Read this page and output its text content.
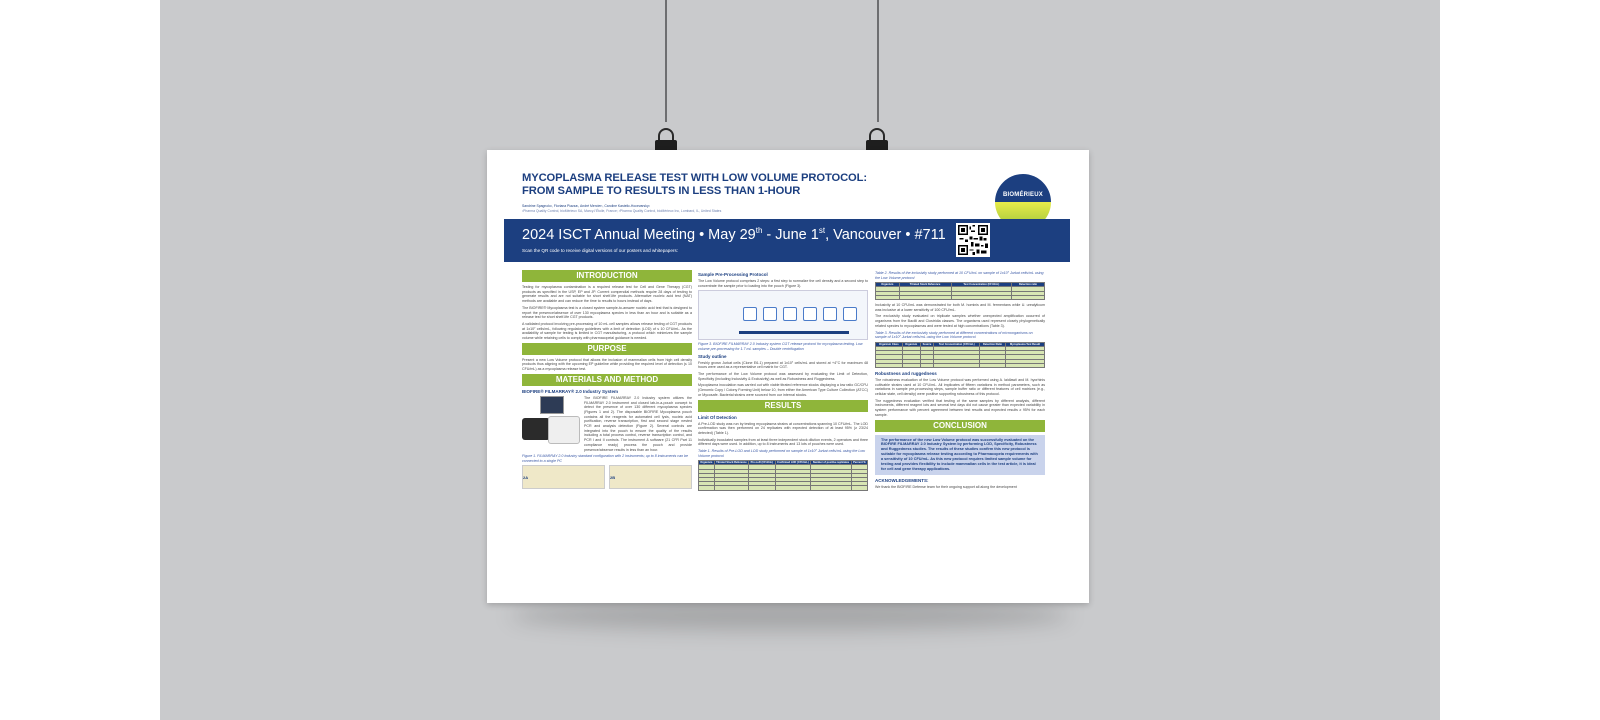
MYCOPLASMA RELEASE TEST WITH LOW VOLUME PROTOCOL:
FROM SAMPLE TO RESULTS IN LESS THAN 1-HOUR
Sandrine Spagnolo¹, Floriana Piazza¹, André Mercier¹, Caroline Kastelic-Hocevarsky¹
¹Pharma Quality Control, bioMérieux SA, Marcy-l'Étoile, France; ²Pharma Quality Control, bioMérieux Inc, Lombard, IL, United States
BIOMÉRIEUX
2024 ISCT Annual Meeting • May 29th - June 1st, Vancouver • #711
Scan the QR code to receive digital versions of our posters and whitepapers:
INTRODUCTION

Testing for mycoplasma contamination is a required release test for Cell and Gene Therapy (CGT) products as specified in the USP, EP and JP. Current compendial methods require 28 days of testing to generate results and are not suitable for short shelf-life products. Alternative nucleic acid test (NAT) methods are available and can reduce the time to results to hours instead of days.

The BIOFIRE® Mycoplasma test is a closed system sample-to-answer nucleic acid test that is designed to report the presence/absence of over 130 mycoplasma species in less than an hour and is suitable as a release test for short shelf-life CGT products.

A validated protocol involving pre-processing of 10 mL cell samples allows release testing of CGT products at 1x10⁷ cells/mL, following regulatory guidelines with a limit of detection (LOD) of ≤ 10 CFU/mL. As the availability of sample for testing is limited in CGT manufacturing, a protocol which minimizes the sample volume while retaining cells to comply with pharmacopeial guidance is needed.

PURPOSE

Present a new Low Volume protocol that allows the inclusion of mammalian cells from high cell density products thus aligning with the upcoming EP guideline while providing the required level of detection (≤ 10 CFU/mL) as a mycoplasma release test.

MATERIALS AND METHOD
BIOFIRE® FILMARRAY® 2.0 Industry System

The BIOFIRE FILMARRAY 2.0 Industry system utilizes the FILMARRAY 2.0 instrument and closed lab-in-a-pouch concept to detect the presence of over 130 different mycoplasma species (Figures 1 and 2). The disposable BIOFIRE Mycoplasma pouch contains all the reagents for automated cell lysis, nucleic acid purification, reverse transcription, first and second stage nested PCR and analysis detection (Figure 2). Several controls are integrated into the pouch to ensure the quality of the results including a total process control, reverse transcription control, and PCR I and II controls. The instrument & software (21 CFR Part 11 compliance ready) process the pouch and provide presence/absence results in less than an hour.

Figure 1. FILMARRAY 2.0 Industry standard configuration with 2 instruments; up to 8 instruments can be connected to a single PC

2A	2B
Sample Pre-Processing Protocol

The Low Volume protocol comprises 2 steps: a first step to normalize the cell density and a second step to concentrate the sample prior to loading into the pouch (Figure 3).

Figure 3. BIOFIRE FILMARRAY 2.0 Industry system CGT release protocol for mycoplasma testing. Low volume pre-processing for 1.7 mL samples – Double centrifugation

Study outline

Freshly grown Jurkat cells (Clone E6-1) prepared at 1x10⁷ cells/mL and stored at +4°C for maximum 48 hours were used as a representative cell matrix for CGT.

The performance of the Low Volume protocol was assessed by evaluating the Limit of Detection, Specificity (including Inclusivity & Exclusivity) as well as Robustness and Ruggedness.

Mycoplasma inoculation was carried out with viable titrated reference stocks displaying a low ratio GC/CFU (Genomic Copy / Colony Forming Unit) below 10, from either the American Type Culture Collection (ATCC) or Mycosafe. Bacterial strains were sourced from our internal stocks.

RESULTS
Limit Of Detection

A Pre-LOD study was run by testing mycoplasma strains at concentrations spanning 10 CFU/mL. The LOD confirmation was then performed on 24 replicates with expected detection of at least 95% (≥ 23/24 detected) (Table 1).

Individually inoculated samples from at least three independent stock dilution events, 2 operators and three different days were used. In addition, up to 8 instruments and 13 lots of pouches were used.

Table 1. Results of Pre-LOD and LOD study performed on sample of 1x10⁷ Jurkat cells/mL using the Low Volume protocol

Organism	Titrated Stock Reference	Pre-LoD (CFU/mL)	Confirmed LOD (CFU/mL)	Number of positive replicates	Percent %

Table 2. Results of the inclusivity study performed at 10 CFU/mL on sample of 1x10⁷ Jurkat cells/mL using the Low Volume protocol

Organism	Titrated Stock Reference	Test Concentration (CFU/mL)	Detection ratio

Inclusivity at 10 CFU/mL was demonstrated for both M. hominis and M. fermentans while U. urealyticum was inclusive at a lower sensitivity of 100 CFU/mL.

The exclusivity study evaluated on triplicate samples whether unexpected amplification occurred of organisms from the Bacilli and Clostridia classes. The organisms used represent closely phylogenetically related species to mycoplasmas and were tested at high concentrations (Table 3).

Table 3. Results of the exclusivity study performed at different concentrations of microorganisms on sample of 1x10⁷ Jurkat cells/mL using the Low Volume protocol

Organism Class	Organism	Source	Test Concentration (CFU/mL)	Detection Ratio	Mycoplasma Test Result

Robustness and ruggedness

The robustness evaluation of the Low Volume protocol was performed using A. laidlawii and M. hyorhinis cultivable strains used at 10 CFU/mL. All implicates of fifteen variations in method parameters, such as variations in sample pre-processing steps, sample buffer ratio or different features of cell matrices (e.g., cellular state, cell density) were positive supporting robustness of this protocol.

The ruggedness evaluation verified that testing of the same samples by different analysts, different instruments, different reagent lots and several test days did not cause greater than expected variability in system performance with percent agreement between test results and expected results ≥ 95% for each sample.

CONCLUSION
The performance of the new Low Volume protocol was successfully evaluated on the BIOFIRE FILMARRAY 2.0 Industry System by performing LOD, Specificity, Robustness and Ruggedness studies. The results of these studies confirm this new protocol is suitable for mycoplasma release testing according to Pharmacopeia requirements with a sensitivity of 10 CFU/mL. As this new protocol requires limited sample volume for testing and provides flexibility to include mammalian cells in the test article, it is ideal for cell and gene therapy applications.
ACKNOWLEDGEMENTS:

We thank the BIOFIRE Defense team for their ongoing support all along the development
